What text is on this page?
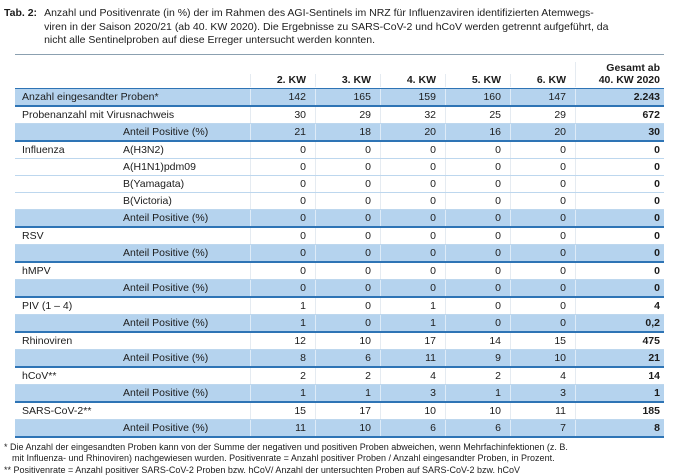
Tab. 2: Anzahl und Positivenrate (in %) der im Rahmen des AGI-Sentinels im NRZ für Influenzaviren identifizierten Atemwegs-
viren in der Saison 2020/21 (ab 40. KW 2020). Die Ergebnisse zu SARS-CoV-2 und hCoV werden getrennt aufgeführt, da
nicht alle Sentinelproben auf diese Erreger untersucht werden konnten.
2. KW	3. KW	4. KW	5. KW	6. KW
Gesamt ab
40. KW 2020
Anzahl eingesandter Proben*	142	165	159	160	147	2.243
Probenanzahl mit Virusnachweis	30	29	32	25	29	672
Anteil Positive (%)	21	18	20	16	20	30
Influenza	A(H3N2)	0	0	0	0	0	0
A(H1N1)pdm09	0	0	0	0	0	0
B(Yamagata)	0	0	0	0	0	0
B(Victoria)	0	0	0	0	0	0
Anteil Positive (%)	0	0	0	0	0	0
RSV	0	0	0	0	0	0
Anteil Positive (%)	0	0	0	0	0	0
hMPV	0	0	0	0	0	0
Anteil Positive (%)	0	0	0	0	0	0
PIV (1 – 4)	1	0	1	0	0	4
Anteil Positive (%)	1	0	1	0	0	0,2
Rhinoviren	12	10	17	14	15	475
Anteil Positive (%)	8	6	11	9	10	21
hCoV**	2	2	4	2	4	14
Anteil Positive (%)	1	1	3	1	3	1
SARS-CoV-2**	15	17	10	10	11	185
Anteil Positive (%)	11	10	6	6	7	8
* Die Anzahl der eingesandten Proben kann von der Summe der negativen und positiven Proben abweichen, wenn Mehrfachinfektionen (z. B.
mit Influenza- und Rhinoviren) nachgewiesen wurden. Positivenrate = Anzahl positiver Proben / Anzahl eingesandter Proben, in Prozent.
** Positivenrate = Anzahl positiver SARS-CoV-2 Proben bzw. hCoV/ Anzahl der untersuchten Proben auf SARS-CoV-2 bzw. hCoV
